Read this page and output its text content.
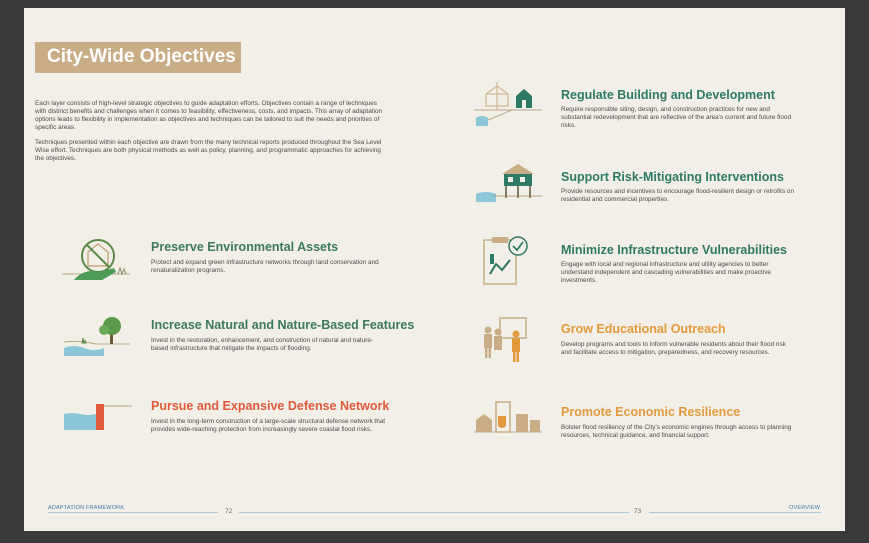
City-Wide Objectives

Each layer consists of high-level strategic objectives to guide adaptation efforts. Objectives contain a range of techniques with distinct benefits and challenges when it comes to feasibility, effectiveness, costs, and impacts. This array of adaptation options leads to flexibility in implementation as objectives and techniques can be tailored to suit the needs and priorities of specific areas.

Techniques presented within each objective are drawn from the many technical reports produced throughout the Sea Level Wise effort. Techniques are both physical methods as well as policy, planning, and programmatic approaches for achieving the objectives.

Preserve Environmental Assets
Protect and expand green infrastructure networks through land conservation and renaturalization programs.
Increase Natural and Nature-Based Features
Invest in the restoration, enhancement, and construction of natural and nature-based infrastructure that mitigate the impacts of flooding.
Pursue and Expansive Defense Network
Invest in the long-term construction of a large-scale structural defense network that provides wide-reaching protection from increasingly severe coastal flood risks.
Regulate Building and Development
Require responsible siting, design, and construction practices for new and substantial redevelopment that are reflective of the area's current and future flood risks.
Support Risk-Mitigating Interventions
Provide resources and incentives to encourage flood-resilient design or retrofits on residential and commercial properties.
Minimize Infrastructure Vulnerabilities
Engage with local and regional infrastructure and utility agencies to better understand independent and cascading vulnerabilities and make proactive investments.
Grow Educational Outreach
Develop programs and tools to inform vulnerable residents about their flood risk and facilitate access to mitigation, preparedness, and recovery resources.
Promote Economic Resilience
Bolster flood resiliency of the City's economic engines through access to planning resources, technical guidance, and financial support.
ADAPTATION FRAMEWORK	72	73	OVERVIEW
